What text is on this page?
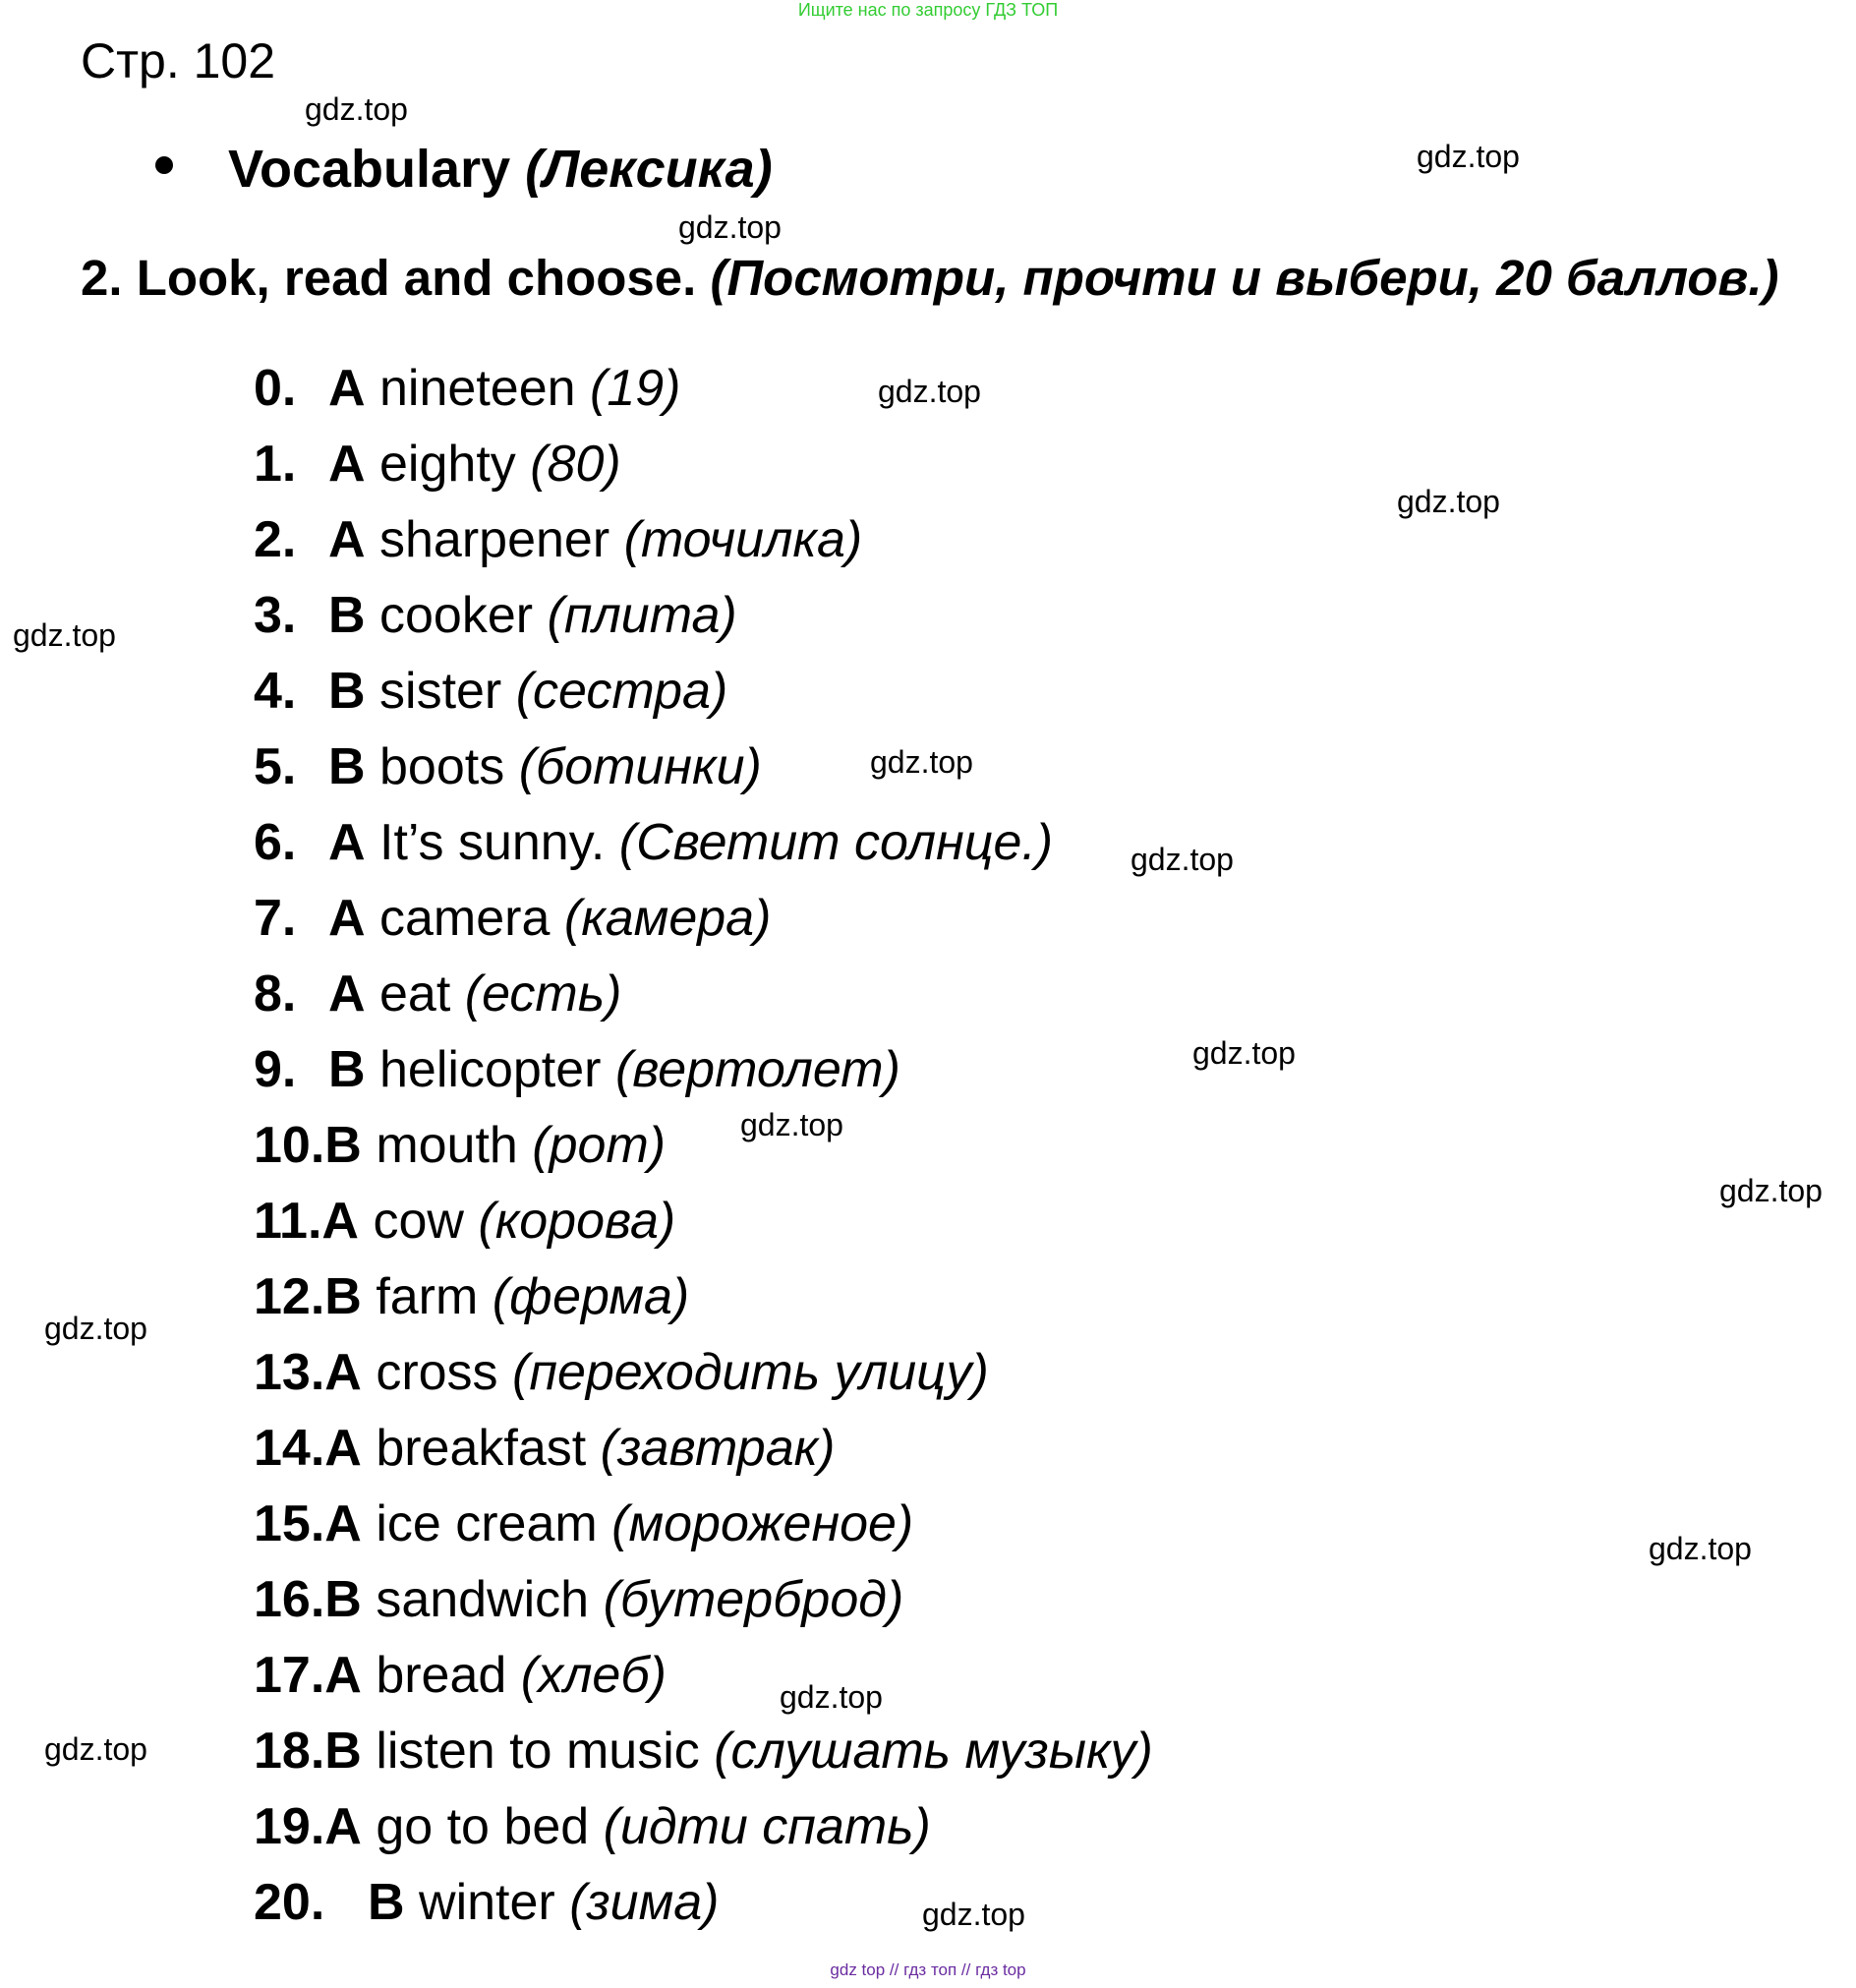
Ищите нас по запросу ГДЗ ТОП
Стр. 102
Vocabulary (Лексика)
2. Look, read and choose. (Посмотри, прочти и выбери, 20 баллов.)
0. A nineteen (19)
1. A eighty (80)
2. A sharpener (точилка)
3. B cooker (плита)
4. B sister (сестра)
5. B boots (ботинки)
6. A It’s sunny. (Светит солнце.)
7. A camera (камера)
8. A eat (есть)
9. B helicopter (вертолет)
10.B mouth (рот)
11.A cow (корова)
12.B farm (ферма)
13.A cross (переходить улицу)
14.A breakfast (завтрак)
15.A ice cream (мороженое)
16.B sandwich (бутерброд)
17.A bread (хлеб)
18.B listen to music (слушать музыку)
19.A go to bed (идти спать)
20. B winter (зима)
gdz.top
gdz.top
gdz.top
gdz.top
gdz.top
gdz.top
gdz.top
gdz.top
gdz.top
gdz.top
gdz.top
gdz.top
gdz.top
gdz.top
gdz.top
gdz.top
gdz top // гдз топ // гдз top
